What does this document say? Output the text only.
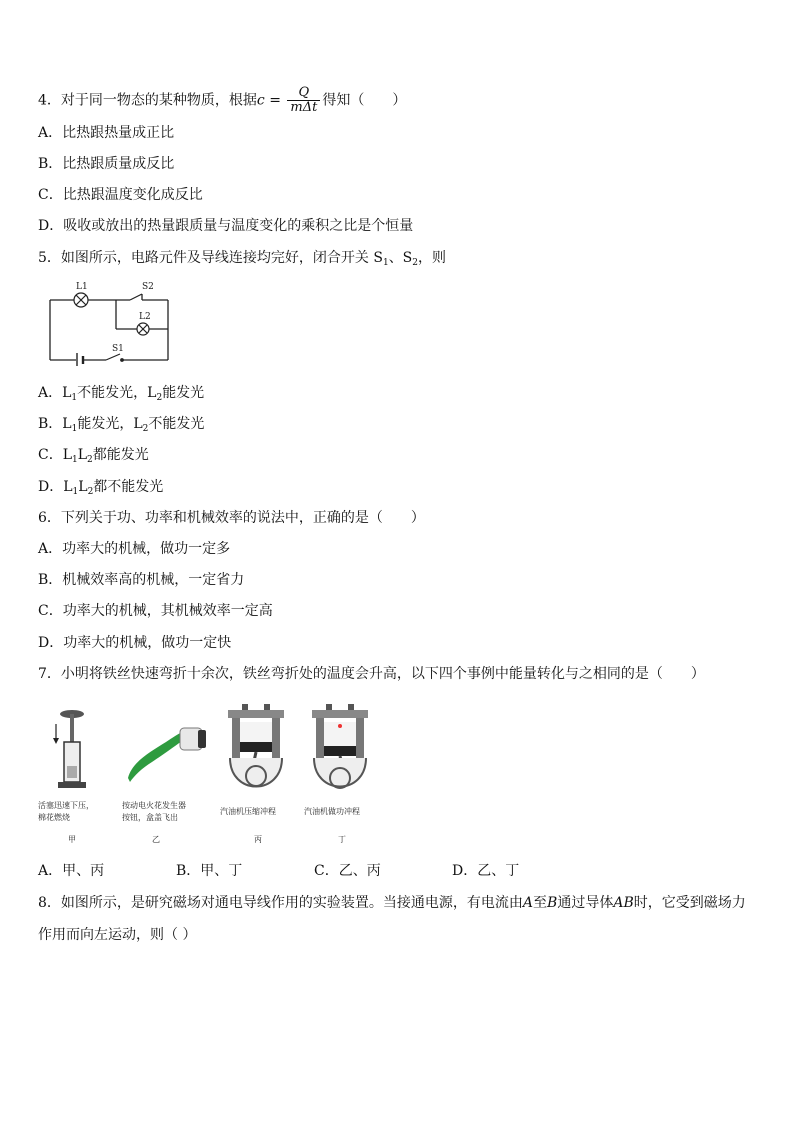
4．对于同一物态的某种物质，根据$c = \frac{Q}{\text{mΔt}}$ 得知（　　）
A．比热跟热量成正比
B．比热跟质量成反比
C．比热跟温度变化成反比
D．吸收或放出的热量跟质量与温度变化的乘积之比是个恒量
5．如图所示，电路元件及导线连接均完好，闭合开关 $S_1$、$S_2$，则
L1	S2
L2
S1
A．$L_1$不能发光，$L_2$能发光
B．$L_1$能发光，$L_2$不能发光
C．$L_1L_2$都能发光
D．$L_1L_2$都不能发光
6．下列关于功、功率和机械效率的说法中，正确的是（　　）
A．功率大的机械，做功一定多
B．机械效率高的机械，一定省力
C．功率大的机械，其机械效率一定高
D．功率大的机械，做功一定快
7．小明将铁丝快速弯折十余次，铁丝弯折处的温度会升高，以下四个事例中能量转化与之相同的是（　　）
活塞迅速下压，
棉花燃烧
甲
按动电火花发生器
按钮，盒盖飞出
乙
汽油机压缩冲程
丙
汽油机做功冲程
丁
A．甲、丙	B．甲、丁	C．乙、丙	D．乙、丁
8．如图所示，是研究磁场对通电导线作用的实验装置。当接通电源，有电流由A至B通过导体AB时，它受到磁场力
作用而向左运动，则（ ）
